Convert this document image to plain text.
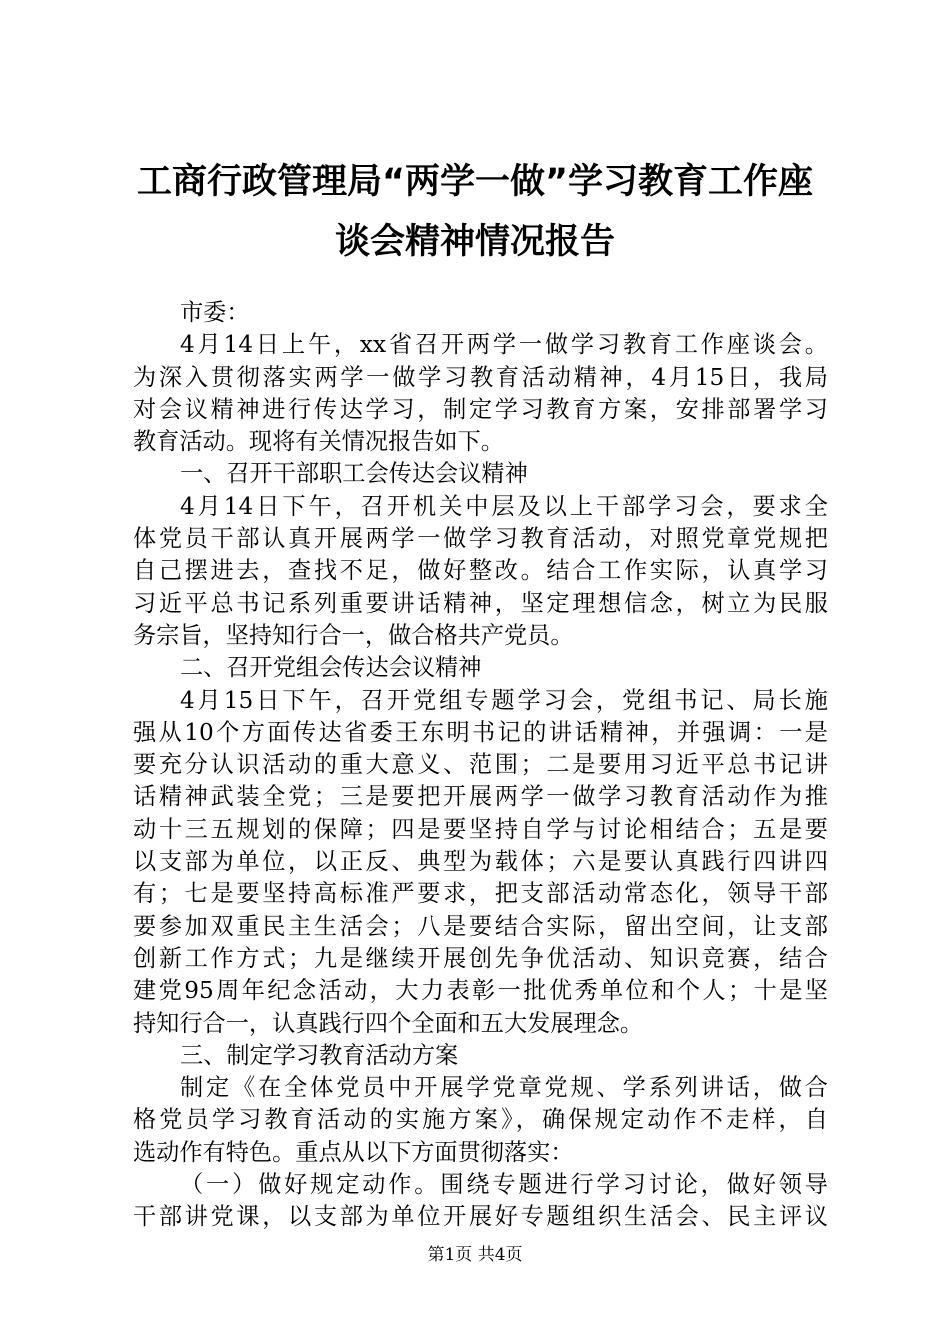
工商行政管理局“两学一做”学习教育工作座
谈会精神情况报告
市委：
4月14日上午，xx省召开两学一做学习教育工作座谈会。
为深入贯彻落实两学一做学习教育活动精神，4月15日，我局
对会议精神进行传达学习，制定学习教育方案，安排部署学习
教育活动。现将有关情况报告如下。
一、召开干部职工会传达会议精神
4月14日下午，召开机关中层及以上干部学习会，要求全
体党员干部认真开展两学一做学习教育活动，对照党章党规把
自己摆进去，查找不足，做好整改。结合工作实际，认真学习
习近平总书记系列重要讲话精神，坚定理想信念，树立为民服
务宗旨，坚持知行合一，做合格共产党员。
二、召开党组会传达会议精神
4月15日下午，召开党组专题学习会，党组书记、局长施
强从10个方面传达省委王东明书记的讲话精神，并强调：一是
要充分认识活动的重大意义、范围；二是要用习近平总书记讲
话精神武装全党；三是要把开展两学一做学习教育活动作为推
动十三五规划的保障；四是要坚持自学与讨论相结合；五是要
以支部为单位，以正反、典型为载体；六是要认真践行四讲四
有；七是要坚持高标准严要求，把支部活动常态化，领导干部
要参加双重民主生活会；八是要结合实际，留出空间，让支部
创新工作方式；九是继续开展创先争优活动、知识竞赛，结合
建党95周年纪念活动，大力表彰一批优秀单位和个人；十是坚
持知行合一，认真践行四个全面和五大发展理念。
三、制定学习教育活动方案
制定《在全体党员中开展学党章党规、学系列讲话，做合
格党员学习教育活动的实施方案》，确保规定动作不走样，自
选动作有特色。重点从以下方面贯彻落实：
（一）做好规定动作。围绕专题进行学习讨论，做好领导
干部讲党课，以支部为单位开展好专题组织生活会、民主评议
第1页 共4页
